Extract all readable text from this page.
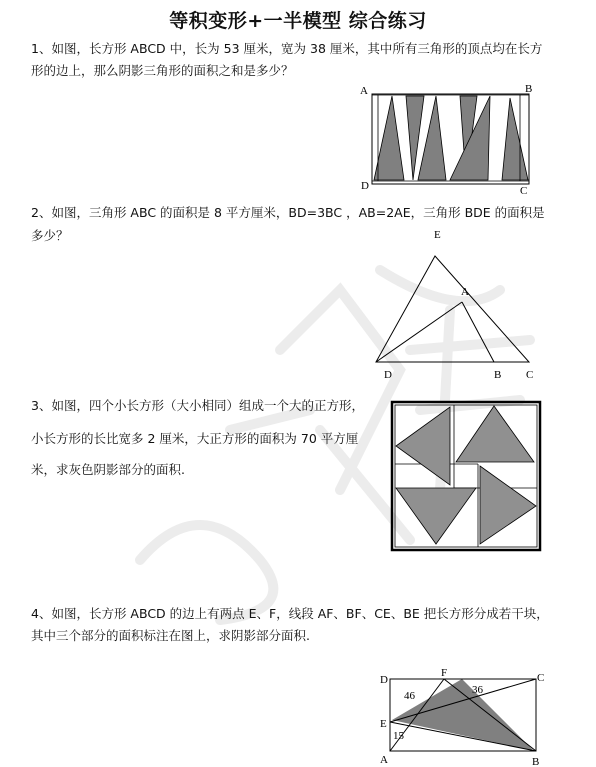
等积变形+一半模型 综合练习
1、如图，长方形 ABCD 中，长为 53 厘米，宽为 38 厘米，其中所有三角形的顶点均在长方
形的边上，那么阴影三角形的面积之和是多少？
A	B
C
D
2、如图，三角形 ABC 的面积是 8 平方厘米，BD=3BC ，AB=2AE，三角形 BDE 的面积是
多少？	E
A
D	B C
3、如图，四个小长方形（大小相同）组成一个大的正方形，
小长方形的长比宽多 2 厘米，大正方形的面积为 70 平方厘
米，求灰色阴影部分的面积.
4、如图，长方形 ABCD 的边上有两点 E、F，线段 AF、BF、CE、BE 把长方形分成若干块，
其中三个部分的面积标注在图上，求阴影部分面积.
D
F	C
E
A	B
46	36
15
